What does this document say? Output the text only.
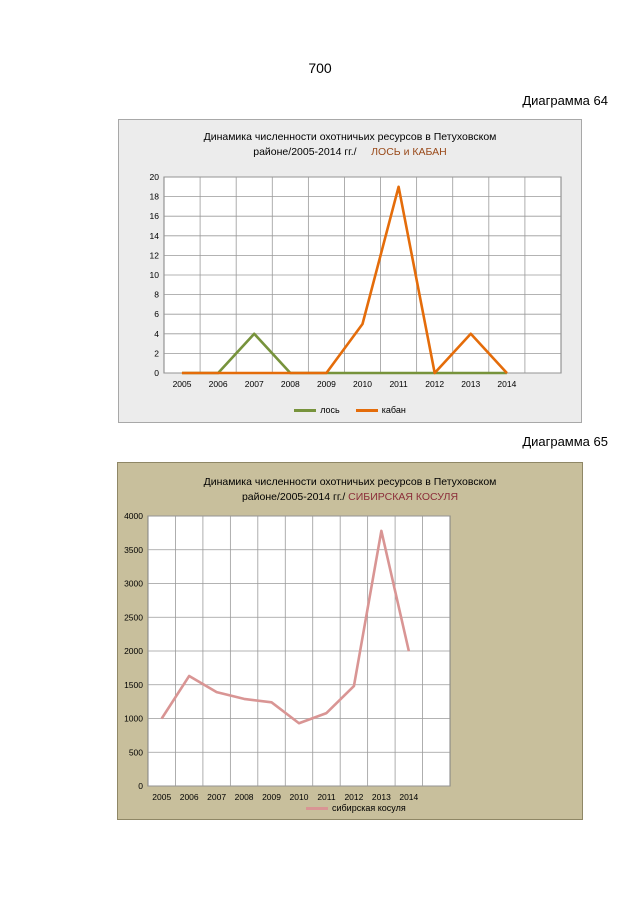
700
Диаграмма 64
Динамика численности охотничьих ресурсов в Петуховском
районе/2005-2014 гг./ ЛОСЬ и КАБАН
0
2
4
6
8
10
12
14
16
18
20
2005 2006 2007 2008 2009 2010 2011 2012 2013 2014
лось	кабан
Диаграмма 65
Динамика численности охотничьих ресурсов в Петуховском
районе/2005-2014 гг./ СИБИРСКАЯ КОСУЛЯ
0
500
1000
1500
2000
2500
3000
3500
4000
2005 2006 2007 2008 2009 2010 2011 2012 2013 2014
сибирская косуля
